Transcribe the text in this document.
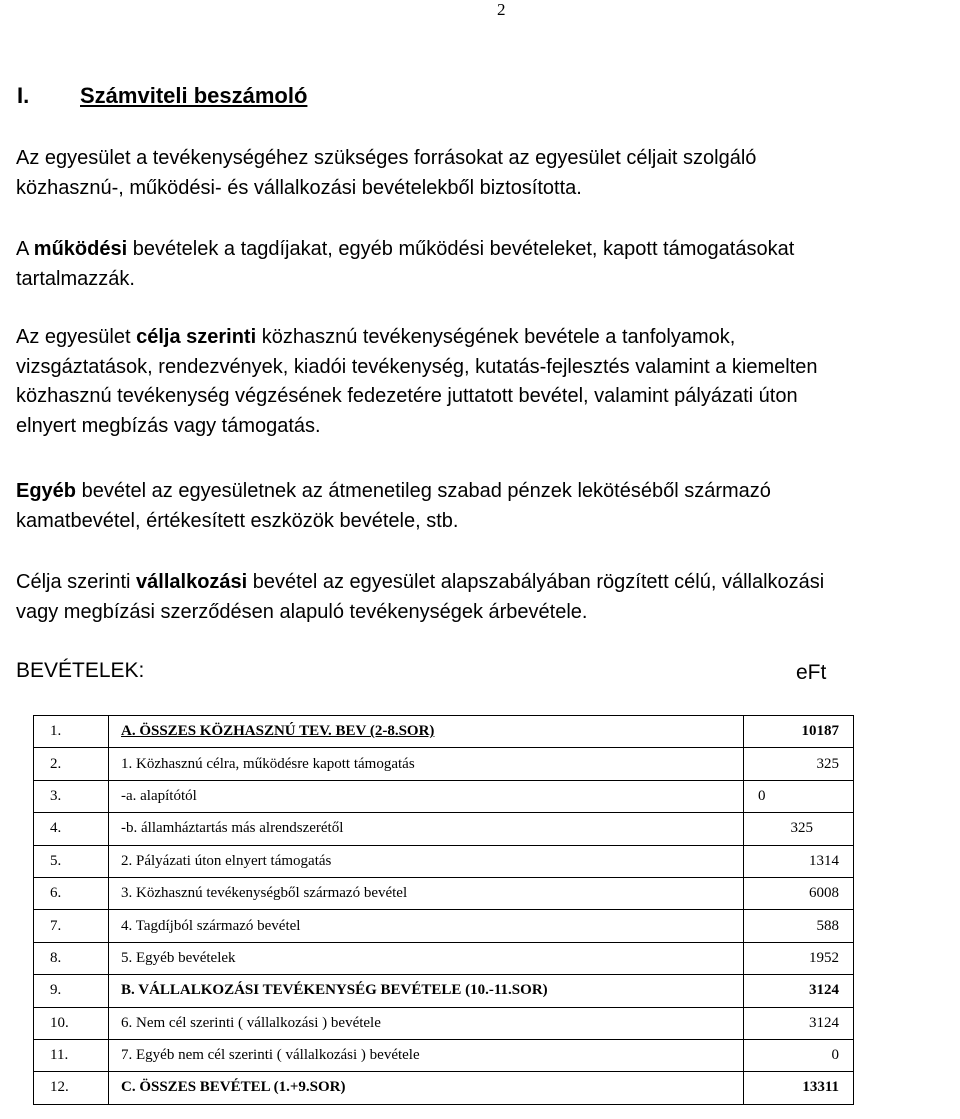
2
I. Számviteli beszámoló
Az egyesület a tevékenységéhez szükséges forrásokat az egyesület céljait szolgáló
közhasznú-, működési- és vállalkozási bevételekből biztosította.
A működési bevételek a tagdíjakat, egyéb működési bevételeket, kapott támogatásokat
tartalmazzák.
Az egyesület célja szerinti közhasznú tevékenységének bevétele a tanfolyamok,
vizsgáztatások, rendezvények, kiadói tevékenység, kutatás-fejlesztés valamint a kiemelten
közhasznú tevékenység végzésének fedezetére juttatott bevétel, valamint pályázati úton
elnyert megbízás vagy támogatás.
Egyéb bevétel az egyesületnek az átmenetileg szabad pénzek lekötéséből származó
kamatbevétel, értékesített eszközök bevétele, stb.
Célja szerinti vállalkozási bevétel az egyesület alapszabályában rögzített célú, vállalkozási
vagy megbízási szerződésen alapuló tevékenységek árbevétele.
BEVÉTELEK:	eFt
1.	A. ÖSSZES KÖZHASZNÚ TEV. BEV (2-8.SOR)	10187
2.	1. Közhasznú célra, működésre kapott támogatás	325
3.	-a. alapítótól	0
4.	-b. államháztartás más alrendszerétől	325
5.	2. Pályázati úton elnyert támogatás	1314
6.	3. Közhasznú tevékenységből származó bevétel	6008
7.	4. Tagdíjból származó bevétel	588
8.	5. Egyéb bevételek	1952
9.	B. VÁLLALKOZÁSI TEVÉKENYSÉG BEVÉTELE (10.-11.SOR)	3124
10.	6. Nem cél szerinti ( vállalkozási ) bevétele	3124
11.	7. Egyéb nem cél szerinti ( vállalkozási ) bevétele	0
12.	C. ÖSSZES BEVÉTEL (1.+9.SOR)	13311
